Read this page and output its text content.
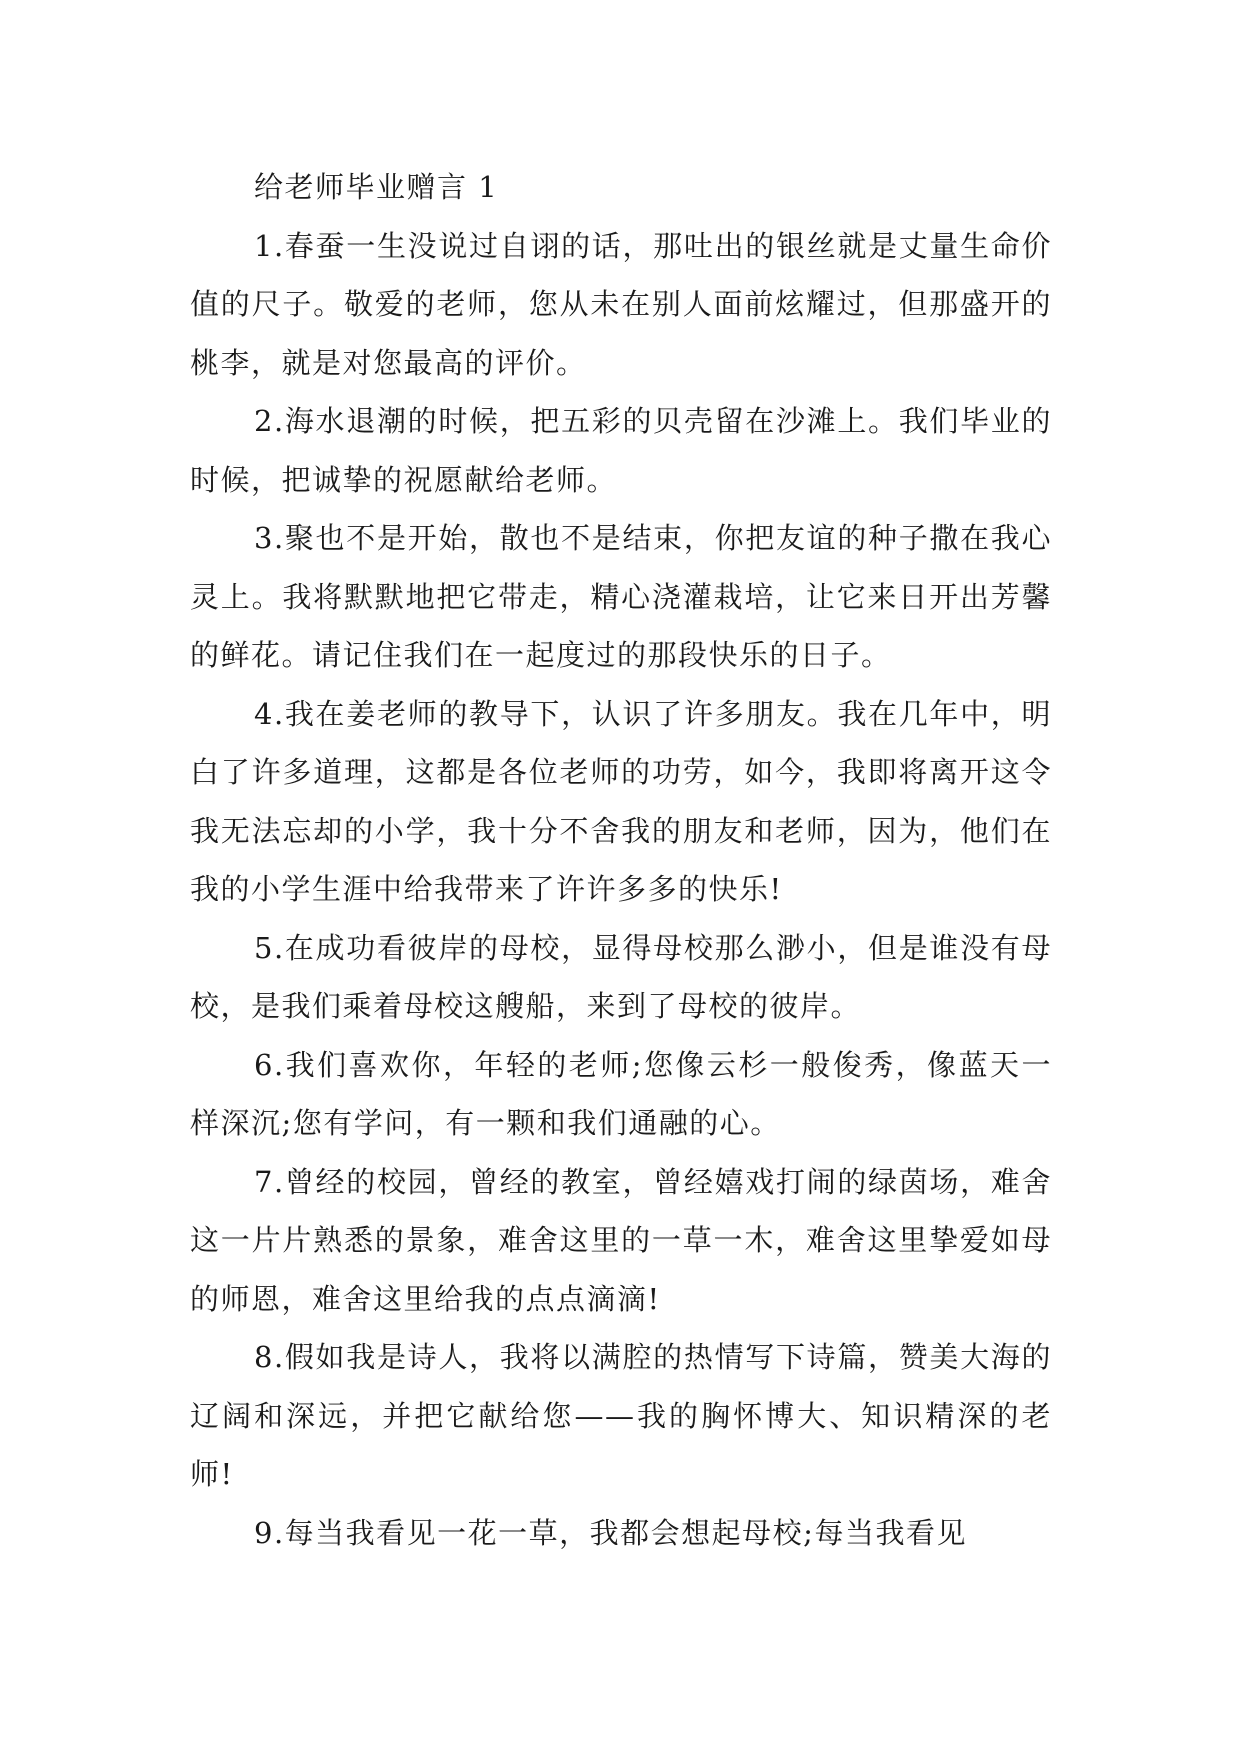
给老师毕业赠言 1

1.春蚕一生没说过自诩的话，那吐出的银丝就是丈量生命价值的尺子。敬爱的老师，您从未在别人面前炫耀过，但那盛开的桃李，就是对您最高的评价。

2.海水退潮的时候，把五彩的贝壳留在沙滩上。我们毕业的时候，把诚挚的祝愿献给老师。

3.聚也不是开始，散也不是结束，你把友谊的种子撒在我心灵上。我将默默地把它带走，精心浇灌栽培，让它来日开出芳馨的鲜花。请记住我们在一起度过的那段快乐的日子。

4.我在姜老师的教导下，认识了许多朋友。我在几年中，明白了许多道理，这都是各位老师的功劳，如今，我即将离开这令我无法忘却的小学，我十分不舍我的朋友和老师，因为，他们在我的小学生涯中给我带来了许许多多的快乐!

5.在成功看彼岸的母校，显得母校那么渺小，但是谁没有母校，是我们乘着母校这艘船，来到了母校的彼岸。

6.我们喜欢你，年轻的老师;您像云杉一般俊秀，像蓝天一样深沉;您有学问，有一颗和我们通融的心。

7.曾经的校园，曾经的教室，曾经嬉戏打闹的绿茵场，难舍这一片片熟悉的景象，难舍这里的一草一木，难舍这里挚爱如母的师恩，难舍这里给我的点点滴滴!

8.假如我是诗人，我将以满腔的热情写下诗篇，赞美大海的辽阔和深远，并把它献给您——我的胸怀博大、知识精深的老师!

9.每当我看见一花一草，我都会想起母校;每当我看见
